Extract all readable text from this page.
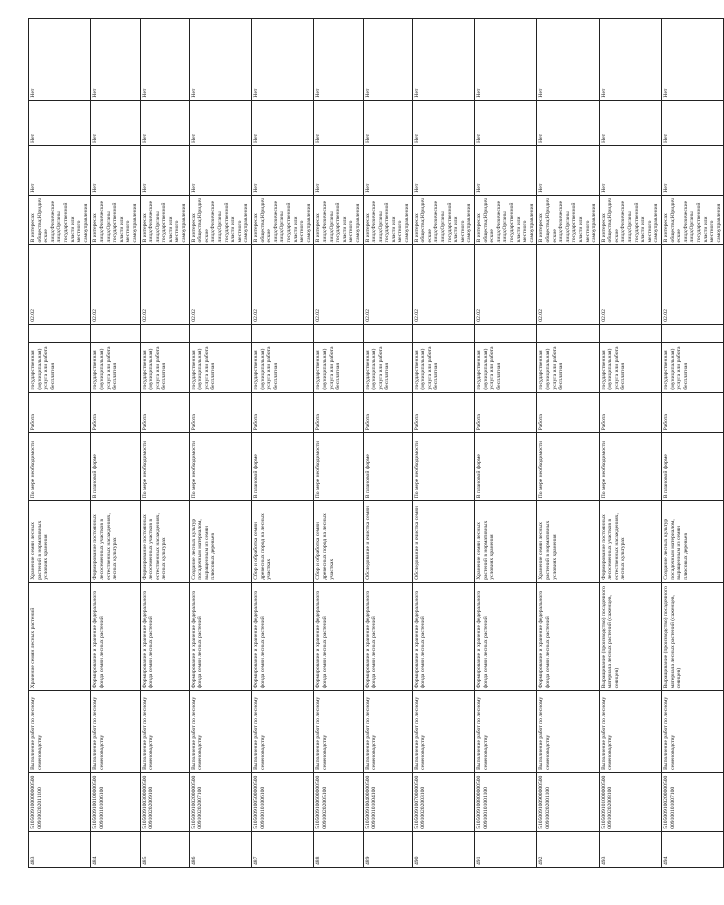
483	5105009100000000500009100202011100	Выполнение работ по лесному семеноводству	Хранение семян лесных растений	Хранение семян лесных растений в нормативных условиях хранения	По мере необходимости	Работа	государственная (муниципальная) услуга или работа бесплатная		02.02	В интересах общества;Юридические лица;Физические лица;Органы государственной власти или местного самоуправления	Нет	Нет	Нет
484	5105009100100000500009100101006100	Выполнение работ по лесному семеноводству	Формирование и хранение федерального фонда семян лесных растений	Формирование постоянных лесосеменных участков в естественных насаждениях, лесных культурах	В плановой форме	Работа	государственная (муниципальная) услуга или работа бесплатная		02.02	В интересах лица;Физические лица;Органы государственной власти или местного самоуправления	Нет	Нет	Нет
485	5105009100300000500009100202009100	Выполнение работ по лесному семеноводству	Формирование и хранение федерального фонда семян лесных растений	Формирование постоянных лесосеменных участков в естественных насаждениях, лесных культурах	По мере необходимости	Работа	государственная (муниципальная) услуга или работа бесплатная		02.02	В интересах лица;Физические лица;Органы государственной власти или местного самоуправления	Нет	Нет	Нет
486	5105009100200000500009100202007100	Выполнение работ по лесному семеноводству	Формирование и хранение федерального фонда семян лесных растений	Создание лесных культур посадочным материалом, выращенным из семян плюсовых деревьев	По мере необходимости	Работа	государственная (муниципальная) услуга или работа бесплатная		02.02	В интересах общества;Юридические лица;Физические лица;Органы государственной власти или местного самоуправления	Нет	Нет	Нет
487	5105009100500000500009100101006100	Выполнение работ по лесному семеноводству	Формирование и хранение федерального фонда семян лесных растений	Сбор и обработка семян древесных пород на лесных участках	В плановой форме	Работа	государственная (муниципальная) услуга или работа бесплатная		02.02	В интересах общества;Юридические лица;Физические лица;Органы государственной власти или местного самоуправления	Нет	Нет	Нет
488	5105009100600000500009100202005100	Выполнение работ по лесному семеноводству	Формирование и хранение федерального фонда семян лесных растений	Сбор и обработка семян древесных пород на лесных участках	По мере необходимости	Работа	государственная (муниципальная) услуга или работа бесплатная		02.02	В интересах лица;Физические лица;Органы государственной власти или местного самоуправления	Нет	Нет	Нет
489	5105009100400000500009100101004100	Выполнение работ по лесному семеноводству	Формирование и хранение федерального фонда семян лесных растений	Обследование и очистка семян	В плановой форме	Работа	государственная (муниципальная) услуга или работа бесплатная		02.02	В интересах лица;Физические лица;Органы государственной власти или местного самоуправления	Нет	Нет	Нет
490	5105009100700000500009100202003100	Выполнение работ по лесному семеноводству	Формирование и хранение федерального фонда семян лесных растений	Обследование и очистка семян	По мере необходимости	Работа	государственная (муниципальная) услуга или работа бесплатная		02.02	В интересах общества;Юридические лица;Физические лица;Органы государственной власти или местного самоуправления	Нет	Нет	Нет
491	5105009100800000500009100101001100	Выполнение работ по лесному семеноводству	Формирование и хранение федерального фонда семян лесных растений	Хранение семян лесных растений в нормативных условиях хранения	В плановой форме	Работа	государственная (муниципальная) услуга или работа бесплатная		02.02	В интересах общества;Юридические лица;Физические лица;Органы государственной власти или местного самоуправления	Нет	Нет	Нет
492	5105009100900000500009100202001100	Выполнение работ по лесному семеноводству	Формирование и хранение федерального фонда семян лесных растений	Хранение семян лесных растений в нормативных условиях хранения	По мере необходимости	Работа	государственная (муниципальная) услуга или работа бесплатная		02.02	В интересах общества;Юридические лица;Физические лица;Органы государственной власти или местного самоуправления	Нет	Нет	Нет
493	5105009101000000500009100202008100	Выполнение работ по лесному семеноводству	Выращивание (производство) посадочного материала лесных растений (саженцев, сеянцев)	Формирование постоянных лесосеменных участков в естественных насаждениях, лесных культурах	По мере необходимости	Работа	государственная (муниципальная) услуга или работа бесплатная		02.02	В интересах общества;Юридические лица;Физические лица;Органы государственной власти или местного самоуправления	Нет	Нет	Нет
494	5105009100200000500009100101007100	Выполнение работ по лесному семеноводству	Выращивание (производство) посадочного материала лесных растений (саженцев, сеянцев)	Создание лесных культур посадочным материалом, выращенным из семян плюсовых деревьев	В плановой форме	Работа	государственная (муниципальная) услуга или работа бесплатная		02.02	В интересах общества;Юридические лица;Физические лица;Органы государственной власти или местного самоуправления	Нет	Нет	Нет
